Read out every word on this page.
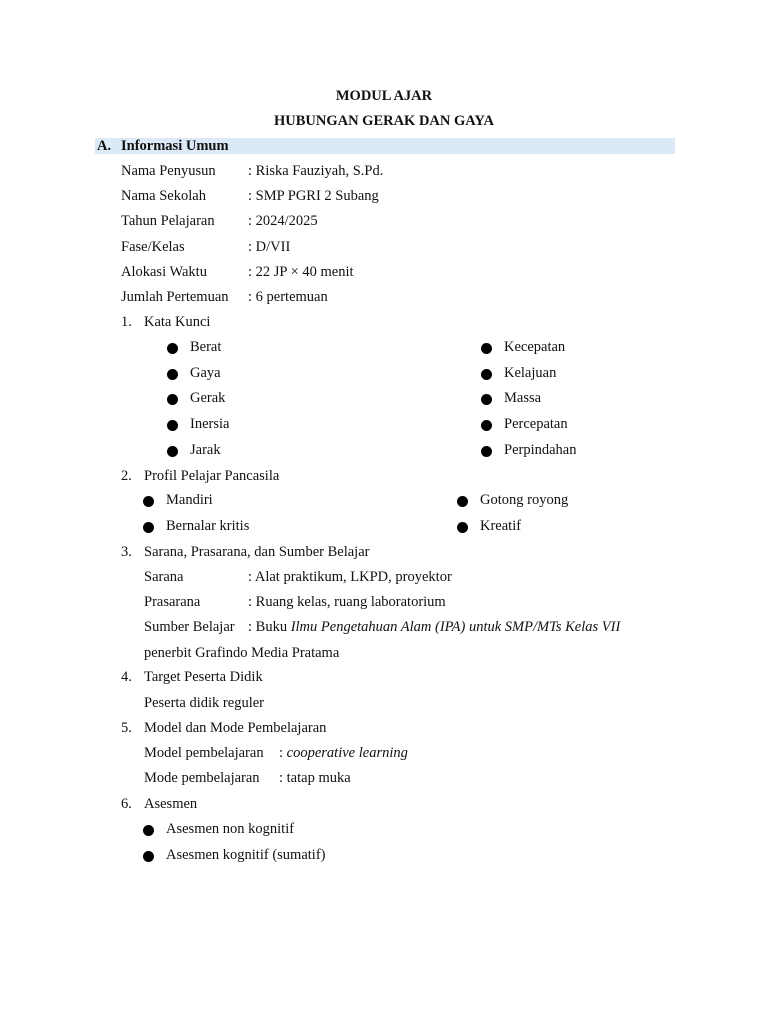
MODUL AJAR
HUBUNGAN GERAK DAN GAYA
A. Informasi Umum
Nama Penyusun : Riska Fauziyah, S.Pd.
Nama Sekolah	: SMP PGRI 2 Subang
Tahun Pelajaran : 2024/2025
Fase/Kelas	: D/VII
Alokasi Waktu	: 22 JP × 40 menit
Jumlah Pertemuan : 6 pertemuan
1. Kata Kunci
Berat
Gaya
Gerak
Inersia
Jarak
Kecepatan
Kelajuan
Massa
Percepatan
Perpindahan
2. Profil Pelajar Pancasila
Mandiri
Bernalar kritis
Gotong royong
Kreatif
3. Sarana, Prasarana, dan Sumber Belajar
Sarana	: Alat praktikum, LKPD, proyektor
Prasarana	: Ruang kelas, ruang laboratorium
Sumber Belajar : Buku Ilmu Pengetahuan Alam (IPA) untuk SMP/MTs Kelas VII
penerbit Grafindo Media Pratama
4. Target Peserta Didik
Peserta didik reguler
5. Model dan Mode Pembelajaran
Model pembelajaran : cooperative learning
Mode pembelajaran : tatap muka
6. Asesmen
Asesmen non kognitif
Asesmen kognitif (sumatif)
